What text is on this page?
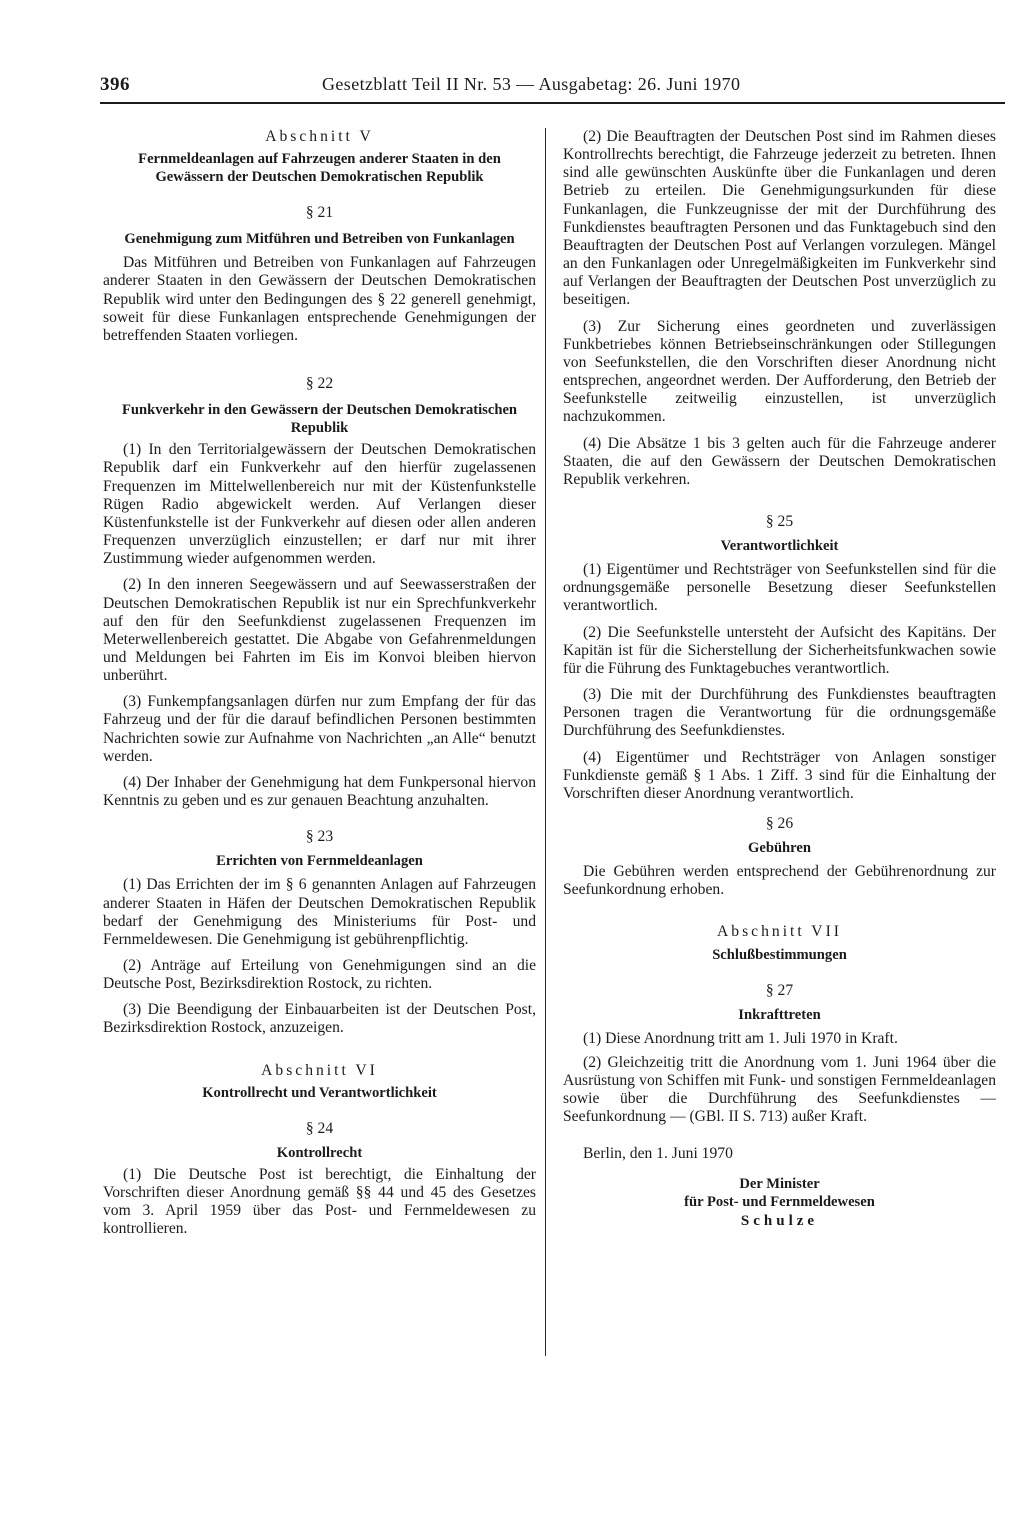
396	Gesetzblatt Teil II Nr. 53 — Ausgabetag: 26. Juni 1970

Abschnitt V

Fernmeldeanlagen auf Fahrzeugen anderer Staaten in den Gewässern der Deutschen Demokratischen Republik

§ 21

Genehmigung zum Mitführen und Betreiben von Funkanlagen

Das Mitführen und Betreiben von Funkanlagen auf Fahrzeugen anderer Staaten in den Gewässern der Deutschen Demokratischen Republik wird unter den Bedingungen des § 22 generell genehmigt, soweit für diese Funkanlagen entsprechende Genehmigungen der betreffenden Staaten vorliegen.

§ 22

Funkverkehr in den Gewässern der Deutschen Demokratischen Republik

(1) In den Territorialgewässern der Deutschen Demokratischen Republik darf ein Funkverkehr auf den hierfür zugelassenen Frequenzen im Mittelwellenbereich nur mit der Küstenfunkstelle Rügen Radio abgewickelt werden. Auf Verlangen dieser Küstenfunkstelle ist der Funkverkehr auf diesen oder allen anderen Frequenzen unverzüglich einzustellen; er darf nur mit ihrer Zustimmung wieder aufgenommen werden.

(2) In den inneren Seegewässern und auf Seewasserstraßen der Deutschen Demokratischen Republik ist nur ein Sprechfunkverkehr auf den für den Seefunkdienst zugelassenen Frequenzen im Meterwellenbereich gestattet. Die Abgabe von Gefahrenmeldungen und Meldungen bei Fahrten im Eis im Konvoi bleiben hiervon unberührt.

(3) Funkempfangsanlagen dürfen nur zum Empfang der für das Fahrzeug und der für die darauf befindlichen Personen bestimmten Nachrichten sowie zur Aufnahme von Nachrichten „an Alle“ benutzt werden.

(4) Der Inhaber der Genehmigung hat dem Funkpersonal hiervon Kenntnis zu geben und es zur genauen Beachtung anzuhalten.

§ 23

Errichten von Fernmeldeanlagen

(1) Das Errichten der im § 6 genannten Anlagen auf Fahrzeugen anderer Staaten in Häfen der Deutschen Demokratischen Republik bedarf der Genehmigung des Ministeriums für Post- und Fernmeldewesen. Die Genehmigung ist gebührenpflichtig.

(2) Anträge auf Erteilung von Genehmigungen sind an die Deutsche Post, Bezirksdirektion Rostock, zu richten.

(3) Die Beendigung der Einbauarbeiten ist der Deutschen Post, Bezirksdirektion Rostock, anzuzeigen.

Abschnitt VI

Kontrollrecht und Verantwortlichkeit

§ 24

Kontrollrecht

(1) Die Deutsche Post ist berechtigt, die Einhaltung der Vorschriften dieser Anordnung gemäß §§ 44 und 45 des Gesetzes vom 3. April 1959 über das Post- und Fernmeldewesen zu kontrollieren.

(2) Die Beauftragten der Deutschen Post sind im Rahmen dieses Kontrollrechts berechtigt, die Fahrzeuge jederzeit zu betreten. Ihnen sind alle gewünschten Auskünfte über die Funkanlagen und deren Betrieb zu erteilen. Die Genehmigungsurkunden für diese Funkanlagen, die Funkzeugnisse der mit der Durchführung des Funkdienstes beauftragten Personen und das Funktagebuch sind den Beauftragten der Deutschen Post auf Verlangen vorzulegen. Mängel an den Funkanlagen oder Unregelmäßigkeiten im Funkverkehr sind auf Verlangen der Beauftragten der Deutschen Post unverzüglich zu beseitigen.

(3) Zur Sicherung eines geordneten und zuverlässigen Funkbetriebes können Betriebseinschränkungen oder Stillegungen von Seefunkstellen, die den Vorschriften dieser Anordnung nicht entsprechen, angeordnet werden. Der Aufforderung, den Betrieb der Seefunkstelle zeitweilig einzustellen, ist unverzüglich nachzukommen.

(4) Die Absätze 1 bis 3 gelten auch für die Fahrzeuge anderer Staaten, die auf den Gewässern der Deutschen Demokratischen Republik verkehren.

§ 25

Verantwortlichkeit

(1) Eigentümer und Rechtsträger von Seefunkstellen sind für die ordnungsgemäße personelle Besetzung dieser Seefunkstellen verantwortlich.

(2) Die Seefunkstelle untersteht der Aufsicht des Kapitäns. Der Kapitän ist für die Sicherstellung der Sicherheitsfunkwachen sowie für die Führung des Funktagebuches verantwortlich.

(3) Die mit der Durchführung des Funkdienstes beauftragten Personen tragen die Verantwortung für die ordnungsgemäße Durchführung des Seefunkdienstes.

(4) Eigentümer und Rechtsträger von Anlagen sonstiger Funkdienste gemäß § 1 Abs. 1 Ziff. 3 sind für die Einhaltung der Vorschriften dieser Anordnung verantwortlich.

§ 26

Gebühren

Die Gebühren werden entsprechend der Gebührenordnung zur Seefunkordnung erhoben.

Abschnitt VII

Schlußbestimmungen

§ 27

Inkrafttreten

(1) Diese Anordnung tritt am 1. Juli 1970 in Kraft.

(2) Gleichzeitig tritt die Anordnung vom 1. Juni 1964 über die Ausrüstung von Schiffen mit Funk- und sonstigen Fernmeldeanlagen sowie über die Durchführung des Seefunkdienstes — Seefunkordnung — (GBl. II S. 713) außer Kraft.

Berlin, den 1. Juni 1970

Der Minister

für Post- und Fernmeldewesen

Schulze
